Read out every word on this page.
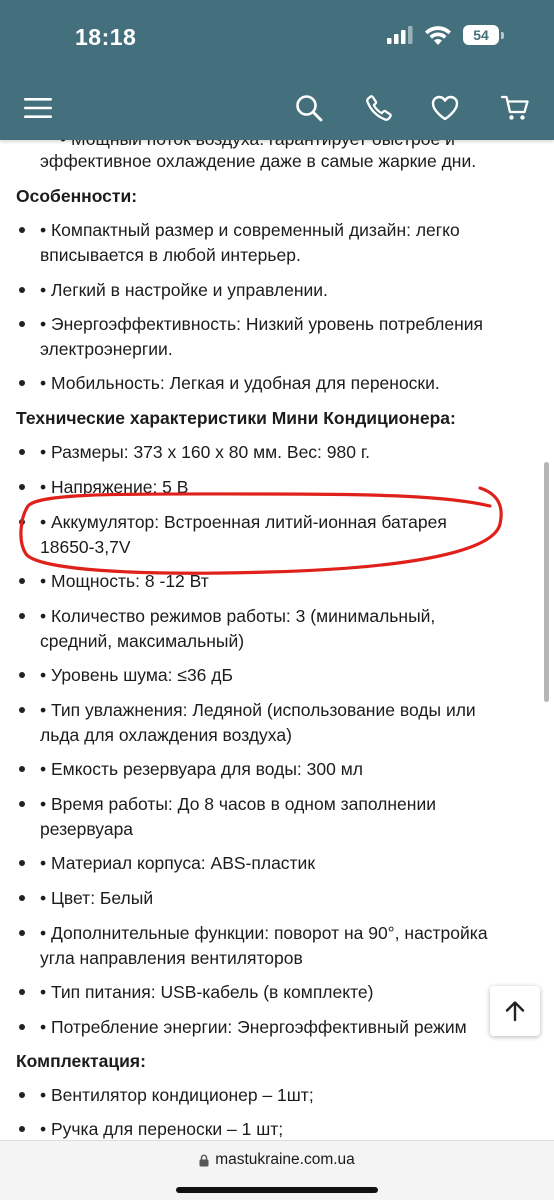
18:18	54
эффективное охлаждение даже в самые жаркие дни.
Особенности:
• Компактный размер и современный дизайн: легко
вписывается в любой интерьер.
• Легкий в настройке и управлении.
• Энергоэффективность: Низкий уровень потребления
электроэнергии.
• Мобильность: Легкая и удобная для переноски.
Технические характеристики Мини Кондиционера:
• Размеры: 373 х 160 х 80 мм. Вес: 980 г.
• Напряжение: 5 В
• Аккумулятор: Встроенная литий-ионная батарея
18650-3,7V
• Мощность: 8 -12 Вт
• Количество режимов работы: 3 (минимальный,
средний, максимальный)
• Уровень шума: ≤36 дБ
• Тип увлажнения: Ледяной (использование воды или
льда для охлаждения воздуха)
• Емкость резервуара для воды: 300 мл
• Время работы: До 8 часов в одном заполнении
резервуара
• Материал корпуса: ABS-пластик
• Цвет: Белый
• Дополнительные функции: поворот на 90°, настройка
угла направления вентиляторов
• Тип питания: USB-кабель (в комплекте)
• Потребление энергии: Энергоэффективный режим
Комплектация:
• Вентилятор кондиционер – 1шт;
• Ручка для переноски – 1 шт;
mastukraine.com.ua
